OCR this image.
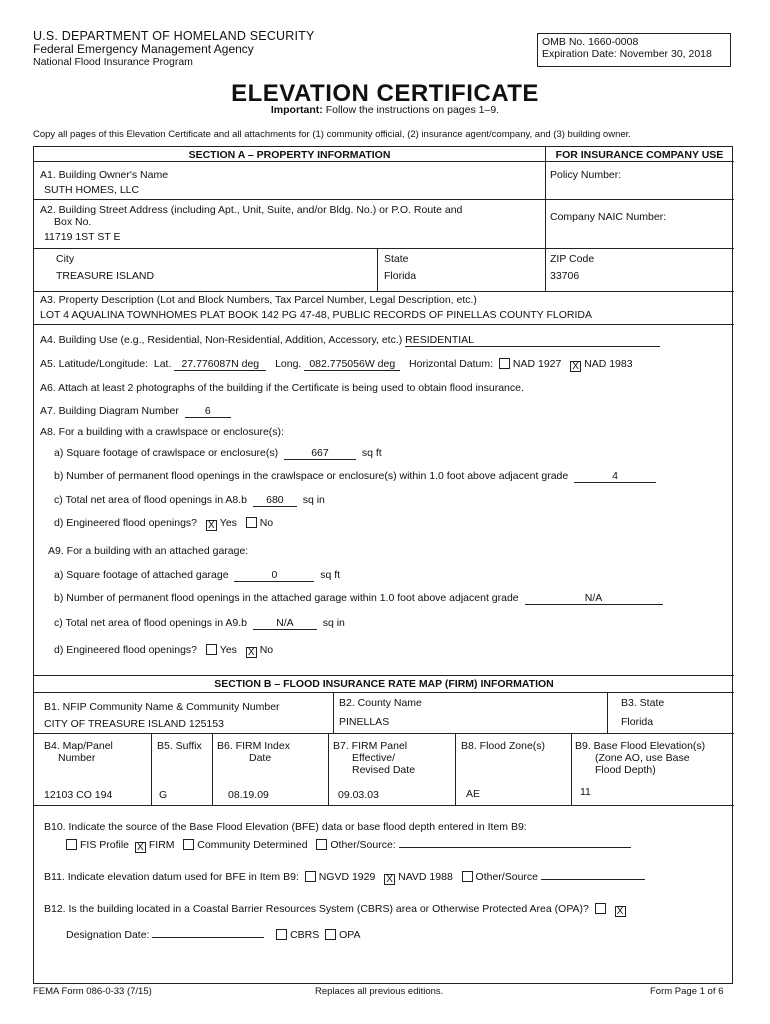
U.S. DEPARTMENT OF HOMELAND SECURITY
Federal Emergency Management Agency
National Flood Insurance Program
OMB No. 1660-0008
Expiration Date: November 30, 2018
ELEVATION CERTIFICATE
Important: Follow the instructions on pages 1–9.
Copy all pages of this Elevation Certificate and all attachments for (1) community official, (2) insurance agent/company, and (3) building owner.
SECTION A – PROPERTY INFORMATION	FOR INSURANCE COMPANY USE
A1. Building Owner's Name
SUTH HOMES, LLC
Policy Number:
A2. Building Street Address (including Apt., Unit, Suite, and/or Bldg. No.) or P.O. Route and
Box No.
11719 1ST ST E
Company NAIC Number:
City
TREASURE ISLAND
State
Florida
ZIP Code
33706
A3. Property Description (Lot and Block Numbers, Tax Parcel Number, Legal Description, etc.)
LOT 4 AQUALINA TOWNHOMES PLAT BOOK 142 PG 47-48, PUBLIC RECORDS OF PINELLAS COUNTY FLORIDA
A4. Building Use (e.g., Residential, Non-Residential, Addition, Accessory, etc.) RESIDENTIAL
A5. Latitude/Longitude: Lat. 27.776087N deg Long. 082.775056W deg Horizontal Datum: NAD 1927 X NAD 1983
A6. Attach at least 2 photographs of the building if the Certificate is being used to obtain flood insurance.
A7. Building Diagram Number 6
A8. For a building with a crawlspace or enclosure(s):
a) Square footage of crawlspace or enclosure(s)	667	sq ft
b) Number of permanent flood openings in the crawlspace or enclosure(s) within 1.0 foot above adjacent grade	4
c) Total net area of flood openings in A8.b 680 sq in
d) Engineered flood openings? X Yes No
A9. For a building with an attached garage:
a) Square footage of attached garage	0	sq ft
b) Number of permanent flood openings in the attached garage within 1.0 foot above adjacent grade	N/A
c) Total net area of flood openings in A9.b	N/A	sq in
d) Engineered flood openings? Yes X No
SECTION B – FLOOD INSURANCE RATE MAP (FIRM) INFORMATION
B1. NFIP Community Name & Community Number
CITY OF TREASURE ISLAND 125153
B2. County Name
PINELLAS
B3. State
Florida
B4. Map/Panel
Number
12103 CO 194
B5. Suffix
G
B6. FIRM Index
Date
08.19.09
B7. FIRM Panel
Effective/
Revised Date
09.03.03
B8. Flood Zone(s)
AE
B9. Base Flood Elevation(s)
(Zone AO, use Base
Flood Depth)
11
B10. Indicate the source of the Base Flood Elevation (BFE) data or base flood depth entered in Item B9:
FIS Profile X FIRM Community Determined Other/Source:
B11. Indicate elevation datum used for BFE in Item B9: NGVD 1929 X NAVD 1988 Other/Source
B12. Is the building located in a Coastal Barrier Resources System (CBRS) area or Otherwise Protected Area (OPA)?	X
Designation Date:	CBRS OPA
FEMA Form 086-0-33 (7/15)	Replaces all previous editions.	Form Page 1 of 6
